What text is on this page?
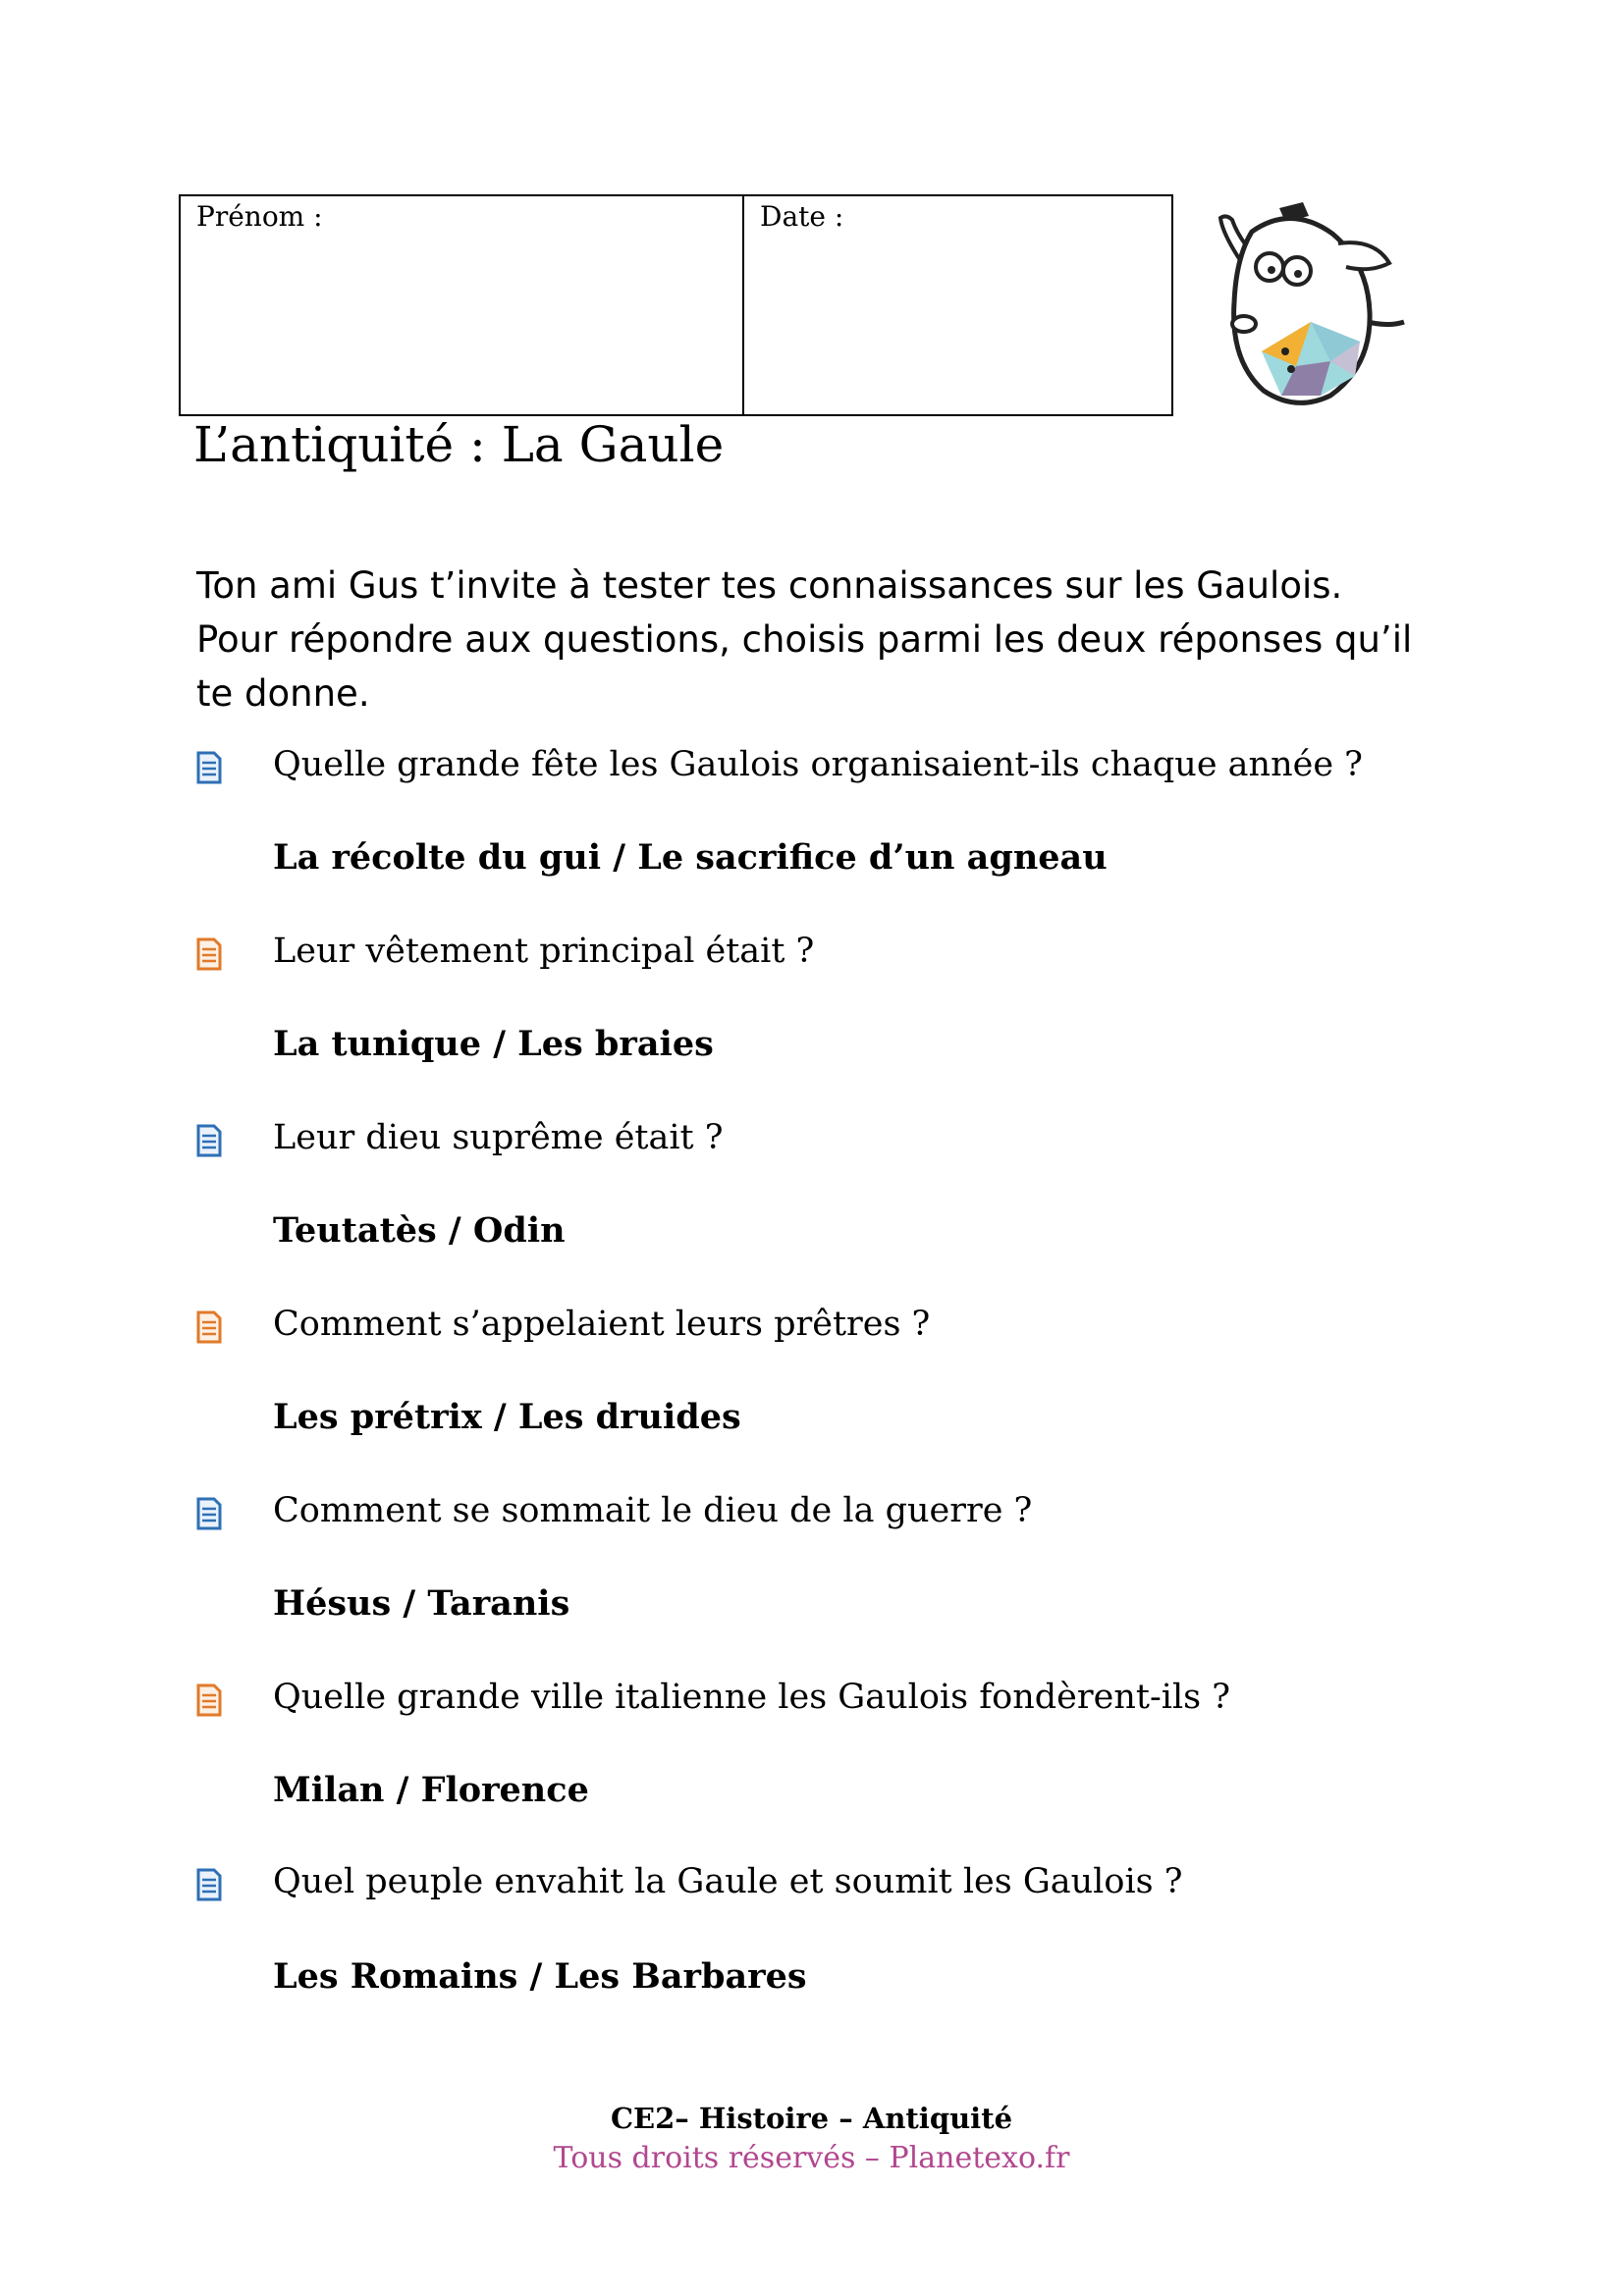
Prénom :	Date :
L’antiquité : La Gaule

Ton ami Gus t’invite à tester tes connaissances sur les Gaulois. Pour répondre aux questions, choisis parmi les deux réponses qu’il te donne.

Quelle grande fête les Gaulois organisaient-ils chaque année ?
La récolte du gui / Le sacrifice d’un agneau
Leur vêtement principal était ?
La tunique / Les braies
Leur dieu suprême était ?
Teutatès / Odin
Comment s’appelaient leurs prêtres ?
Les prétrix / Les druides
Comment se sommait le dieu de la guerre ?
Hésus / Taranis
Quelle grande ville italienne les Gaulois fondèrent-ils ?
Milan / Florence
Quel peuple envahit la Gaule et soumit les Gaulois ?
Les Romains / Les Barbares
CE2– Histoire – Antiquité
Tous droits réservés – Planetexo.fr
